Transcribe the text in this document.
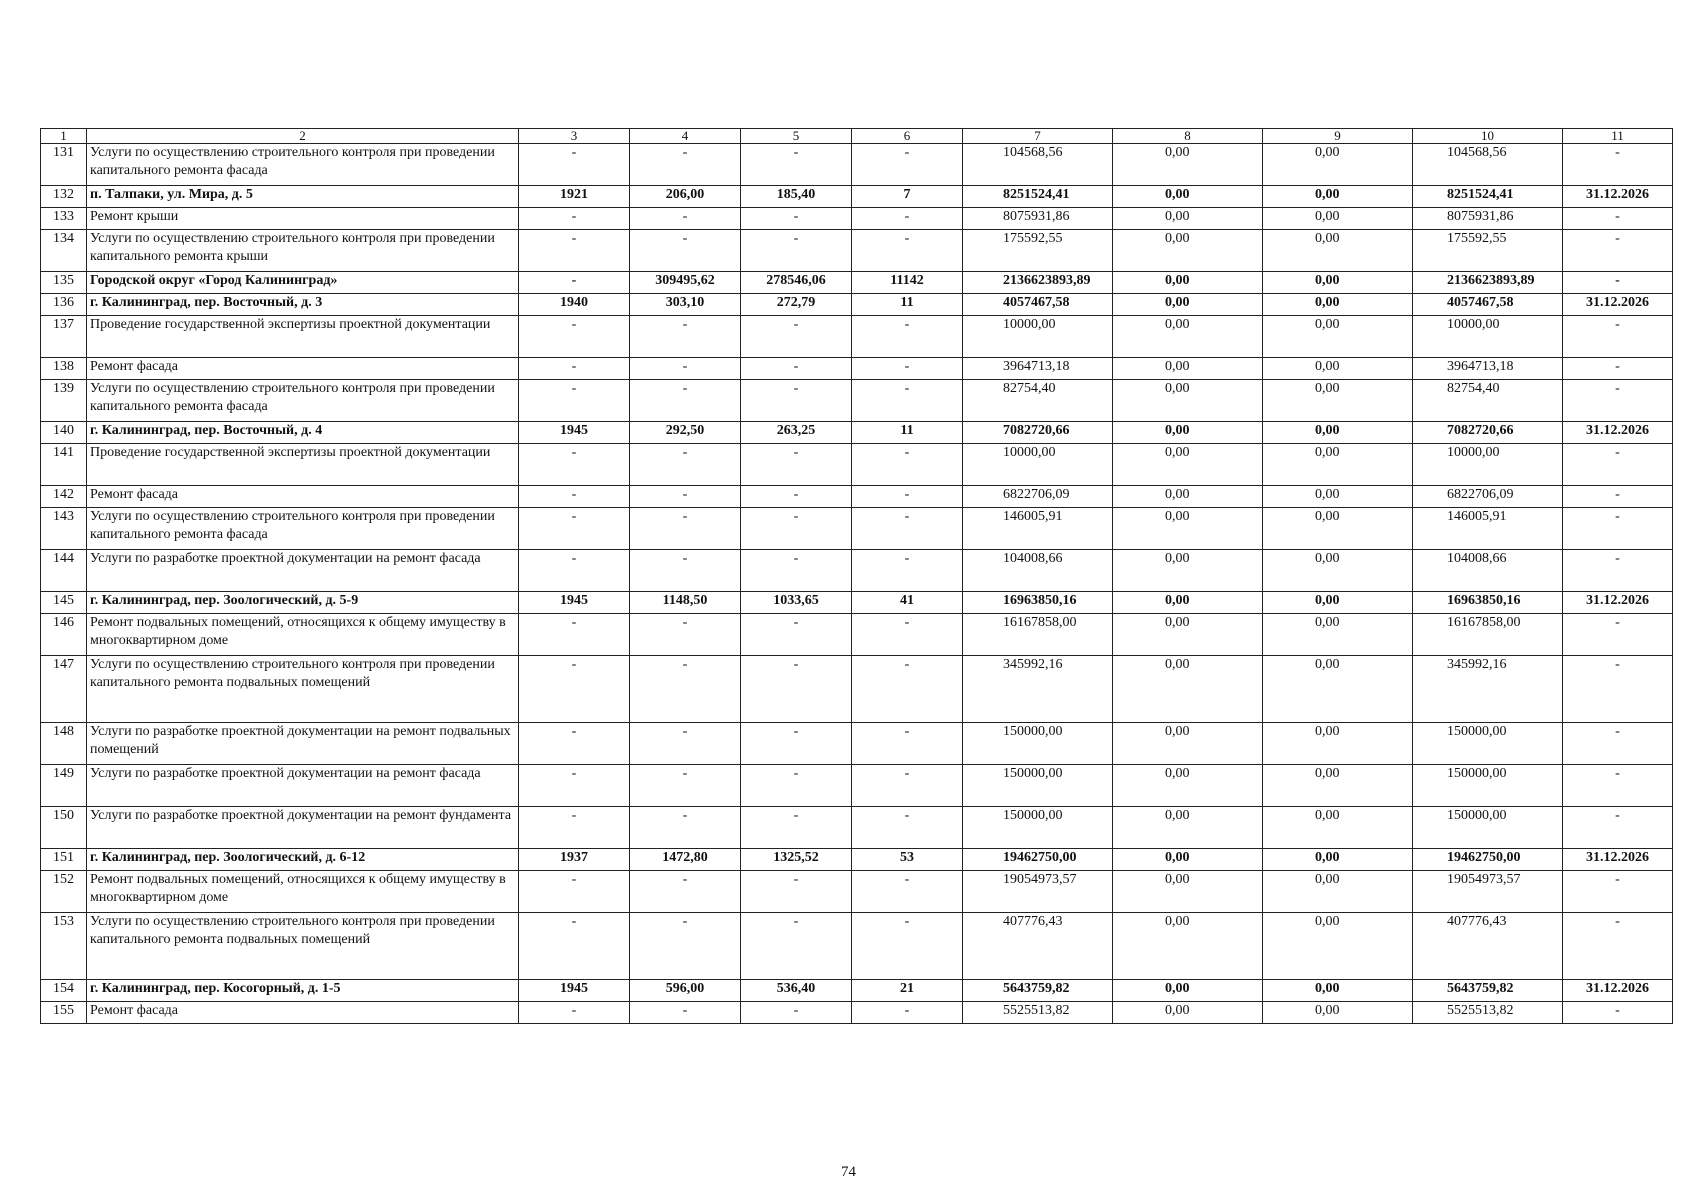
1	2	3	4	5	6	7	8	9	10	11
131	Услуги по осуществлению строительного контроля при проведении капитального ремонта фасада	-	-	-	-	104568,56	0,00	0,00	104568,56	-
132	п. Талпаки, ул. Мира, д. 5	1921	206,00	185,40	7	8251524,41	0,00	0,00	8251524,41	31.12.2026
133	Ремонт крыши	-	-	-	-	8075931,86	0,00	0,00	8075931,86	-
134	Услуги по осуществлению строительного контроля при проведении капитального ремонта крыши	-	-	-	-	175592,55	0,00	0,00	175592,55	-
135	Городской округ «Город Калининград»	-	309495,62	278546,06	11142	2136623893,89	0,00	0,00	2136623893,89	-
136	г. Калининград, пер. Восточный, д. 3	1940	303,10	272,79	11	4057467,58	0,00	0,00	4057467,58	31.12.2026
137	Проведение государственной экспертизы проектной документации	-	-	-	-	10000,00	0,00	0,00	10000,00	-
138	Ремонт фасада	-	-	-	-	3964713,18	0,00	0,00	3964713,18	-
139	Услуги по осуществлению строительного контроля при проведении капитального ремонта фасада	-	-	-	-	82754,40	0,00	0,00	82754,40	-
140	г. Калининград, пер. Восточный, д. 4	1945	292,50	263,25	11	7082720,66	0,00	0,00	7082720,66	31.12.2026
141	Проведение государственной экспертизы проектной документации	-	-	-	-	10000,00	0,00	0,00	10000,00	-
142	Ремонт фасада	-	-	-	-	6822706,09	0,00	0,00	6822706,09	-
143	Услуги по осуществлению строительного контроля при проведении капитального ремонта фасада	-	-	-	-	146005,91	0,00	0,00	146005,91	-
144	Услуги по разработке проектной документации на ремонт фасада	-	-	-	-	104008,66	0,00	0,00	104008,66	-
145	г. Калининград, пер. Зоологический, д. 5-9	1945	1148,50	1033,65	41	16963850,16	0,00	0,00	16963850,16	31.12.2026
146	Ремонт подвальных помещений, относящихся к общему имуществу в многоквартирном доме	-	-	-	-	16167858,00	0,00	0,00	16167858,00	-
147	Услуги по осуществлению строительного контроля при проведении капитального ремонта подвальных помещений	-	-	-	-	345992,16	0,00	0,00	345992,16	-
148	Услуги по разработке проектной документации на ремонт подвальных помещений	-	-	-	-	150000,00	0,00	0,00	150000,00	-
149	Услуги по разработке проектной документации на ремонт фасада	-	-	-	-	150000,00	0,00	0,00	150000,00	-
150	Услуги по разработке проектной документации на ремонт фундамента	-	-	-	-	150000,00	0,00	0,00	150000,00	-
151	г. Калининград, пер. Зоологический, д. 6-12	1937	1472,80	1325,52	53	19462750,00	0,00	0,00	19462750,00	31.12.2026
152	Ремонт подвальных помещений, относящихся к общему имуществу в многоквартирном доме	-	-	-	-	19054973,57	0,00	0,00	19054973,57	-
153	Услуги по осуществлению строительного контроля при проведении капитального ремонта подвальных помещений	-	-	-	-	407776,43	0,00	0,00	407776,43	-
154	г. Калининград, пер. Косогорный, д. 1-5	1945	596,00	536,40	21	5643759,82	0,00	0,00	5643759,82	31.12.2026
155	Ремонт фасада	-	-	-	-	5525513,82	0,00	0,00	5525513,82	-
74
